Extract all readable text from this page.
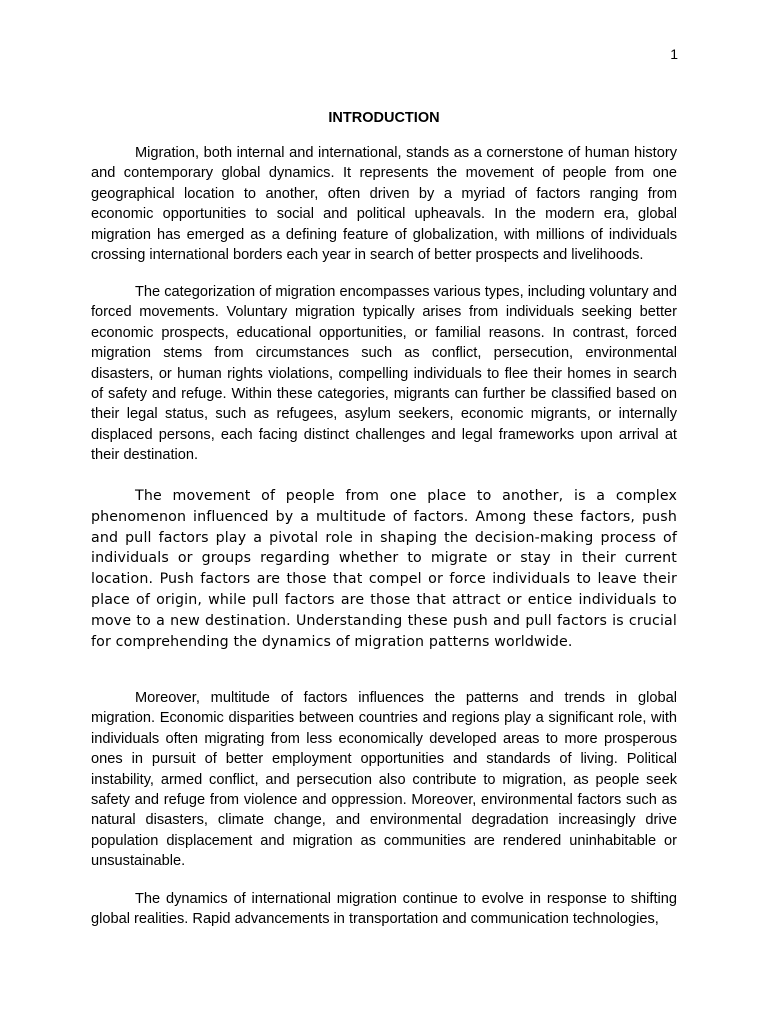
1
INTRODUCTION

Migration, both internal and international, stands as a cornerstone of human history and contemporary global dynamics. It represents the movement of people from one geographical location to another, often driven by a myriad of factors ranging from economic opportunities to social and political upheavals. In the modern era, global migration has emerged as a defining feature of globalization, with millions of individuals crossing international borders each year in search of better prospects and livelihoods.

The categorization of migration encompasses various types, including voluntary and forced movements. Voluntary migration typically arises from individuals seeking better economic prospects, educational opportunities, or familial reasons. In contrast, forced migration stems from circumstances such as conflict, persecution, environmental disasters, or human rights violations, compelling individuals to flee their homes in search of safety and refuge. Within these categories, migrants can further be classified based on their legal status, such as refugees, asylum seekers, economic migrants, or internally displaced persons, each facing distinct challenges and legal frameworks upon arrival at their destination.

The movement of people from one place to another, is a complex phenomenon influenced by a multitude of factors. Among these factors, push and pull factors play a pivotal role in shaping the decision-making process of individuals or groups regarding whether to migrate or stay in their current location. Push factors are those that compel or force individuals to leave their place of origin, while pull factors are those that attract or entice individuals to move to a new destination. Understanding these push and pull factors is crucial for comprehending the dynamics of migration patterns worldwide.

Moreover, multitude of factors influences the patterns and trends in global migration. Economic disparities between countries and regions play a significant role, with individuals often migrating from less economically developed areas to more prosperous ones in pursuit of better employment opportunities and standards of living. Political instability, armed conflict, and persecution also contribute to migration, as people seek safety and refuge from violence and oppression. Moreover, environmental factors such as natural disasters, climate change, and environmental degradation increasingly drive population displacement and migration as communities are rendered uninhabitable or unsustainable.

The dynamics of international migration continue to evolve in response to shifting global realities. Rapid advancements in transportation and communication technologies,
